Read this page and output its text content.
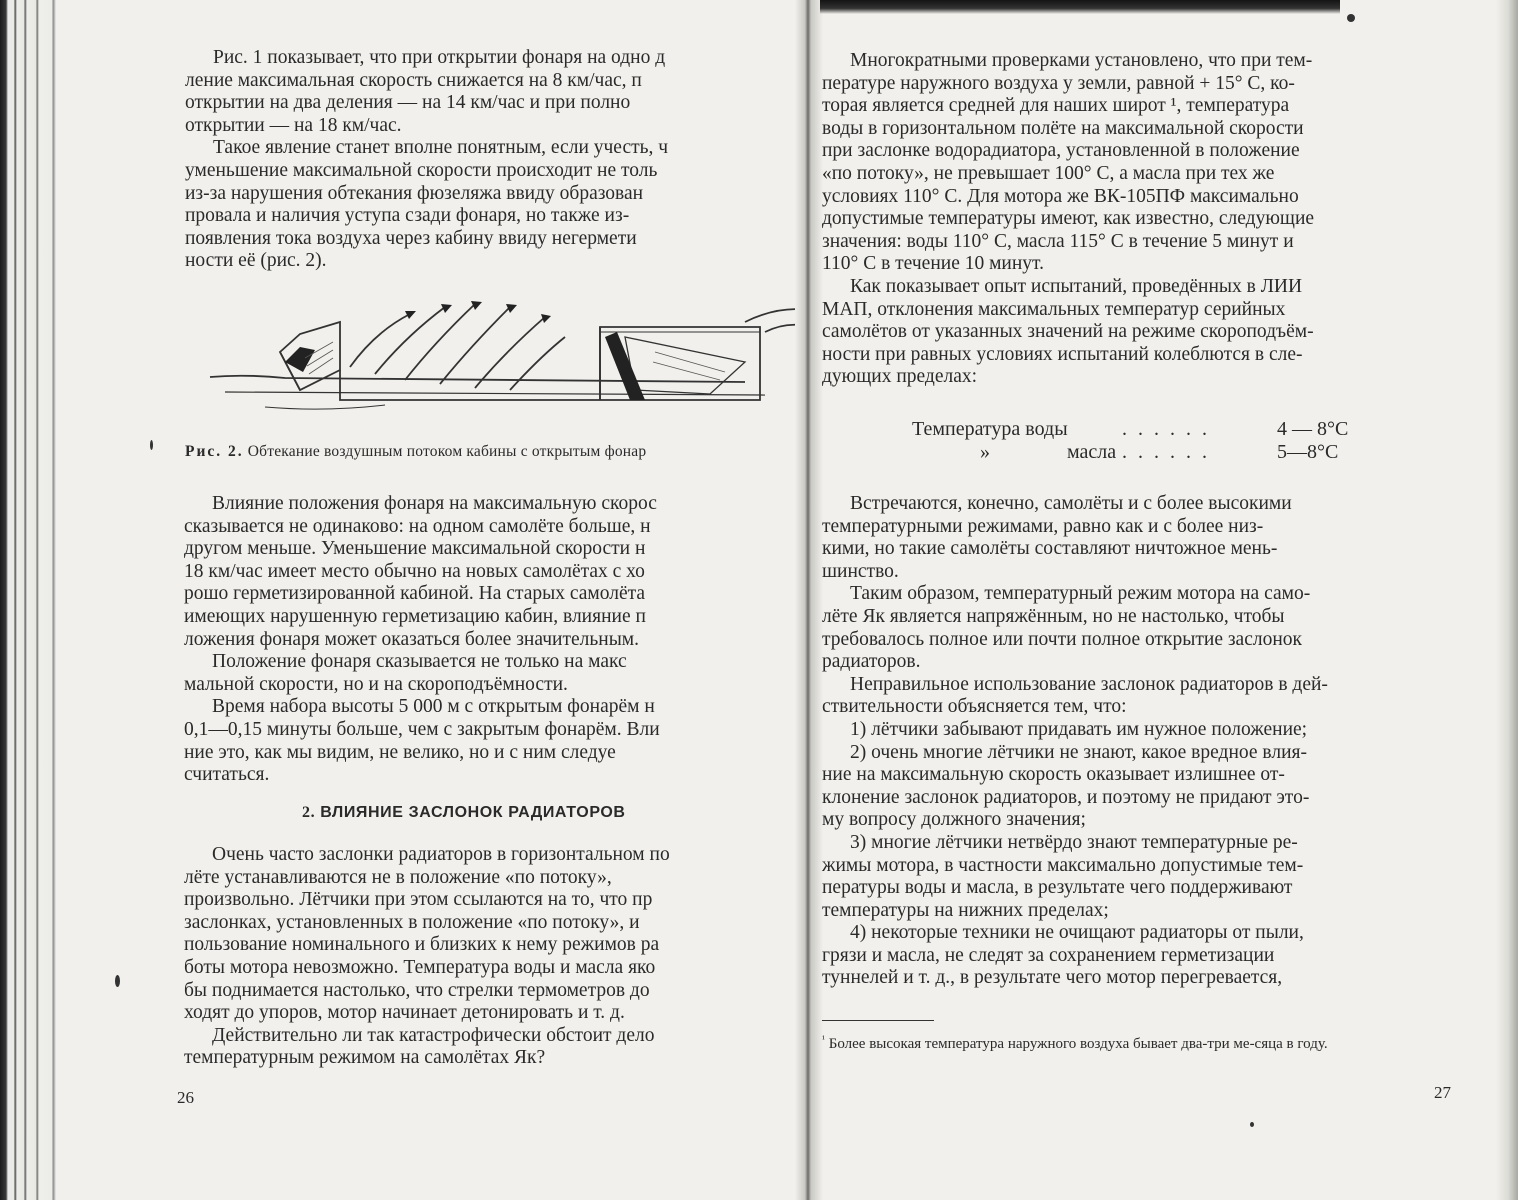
Рис. 1 показывает, что при открытии фонаря на одно д

ление максимальная скорость снижается на 8 км/час, п

открытии на два деления — на 14 км/час и при полно

открытии — на 18 км/час.

Такое явление станет вполне понятным, если учесть, ч

уменьшение максимальной скорости происходит не толь

из-за нарушения обтекания фюзеляжа ввиду образован

провала и наличия уступа сзади фонаря, но также из-

появления тока воздуха через кабину ввиду негермети

ности её (рис. 2).

Рис. 2. Обтекание воздушным потоком кабины с открытым фонар

Влияние положения фонаря на максимальную скорос

сказывается не одинаково: на одном самолёте больше, н

другом меньше. Уменьшение максимальной скорости н

18 км/час имеет место обычно на новых самолётах с хо

рошо герметизированной кабиной. На старых самолёта

имеющих нарушенную герметизацию кабин, влияние п

ложения фонаря может оказаться более значительным.

Положение фонаря сказывается не только на макс

мальной скорости, но и на скороподъёмности.

Время набора высоты 5 000 м с открытым фонарём н

0,1—0,15 минуты больше, чем с закрытым фонарём. Вли

ние это, как мы видим, не велико, но и с ним следуе

считаться.

2. ВЛИЯНИЕ ЗАСЛОНОК РАДИАТОРОВ

Очень часто заслонки радиаторов в горизонтальном по

лёте устанавливаются не в положение «по потоку»,

произвольно. Лётчики при этом ссылаются на то, что пр

заслонках, установленных в положение «по потоку», и

пользование номинального и близких к нему режимов ра

боты мотора невозможно. Температура воды и масла яко

бы поднимается настолько, что стрелки термометров до

ходят до упоров, мотор начинает детонировать и т. д.

Действительно ли так катастрофически обстоит дело

температурным режимом на самолётах Як?

26

Многократными проверками установлено, что при тем-

пературе наружного воздуха у земли, равной + 15° С, ко-

торая является средней для наших широт ¹, температура

воды в горизонтальном полёте на максимальной скорости

при заслонке водорадиатора, установленной в положение

«по потоку», не превышает 100° С, а масла при тех же

условиях 110° С. Для мотора же ВК-105ПФ максимально

допустимые температуры имеют, как известно, следующие

значения: воды 110° С, масла 115° С в течение 5 минут и

110° С в течение 10 минут.

Как показывает опыт испытаний, проведённых в ЛИИ

МАП, отклонения максимальных температур серийных

самолётов от указанных значений на режиме скороподъём-

ности при равных условиях испытаний колеблются в сле-

дующих пределах:

Температура воды	. . . . . .	4 — 8°С
»	масла . . . . . .	5—8°С

Встречаются, конечно, самолёты и с более высокими

температурными режимами, равно как и с более низ-

кими, но такие самолёты составляют ничтожное мень-

шинство.

Таким образом, температурный режим мотора на само-

лёте Як является напряжённым, но не настолько, чтобы

требовалось полное или почти полное открытие заслонок

радиаторов.

Неправильное использование заслонок радиаторов в дей-

ствительности объясняется тем, что:

1) лётчики забывают придавать им нужное положение;

2) очень многие лётчики не знают, какое вредное влия-

ние на максимальную скорость оказывает излишнее от-

клонение заслонок радиаторов, и поэтому не придают это-

му вопросу должного значения;

3) многие лётчики нетвёрдо знают температурные ре-

жимы мотора, в частности максимально допустимые тем-

пературы воды и масла, в результате чего поддерживают

температуры на нижних пределах;

4) некоторые техники не очищают радиаторы от пыли,

грязи и масла, не следят за сохранением герметизации

туннелей и т. д., в результате чего мотор перегревается,

$^{^1}$ Более высокая температура наружного воздуха бывает два-три ме-сяца в году.
27
